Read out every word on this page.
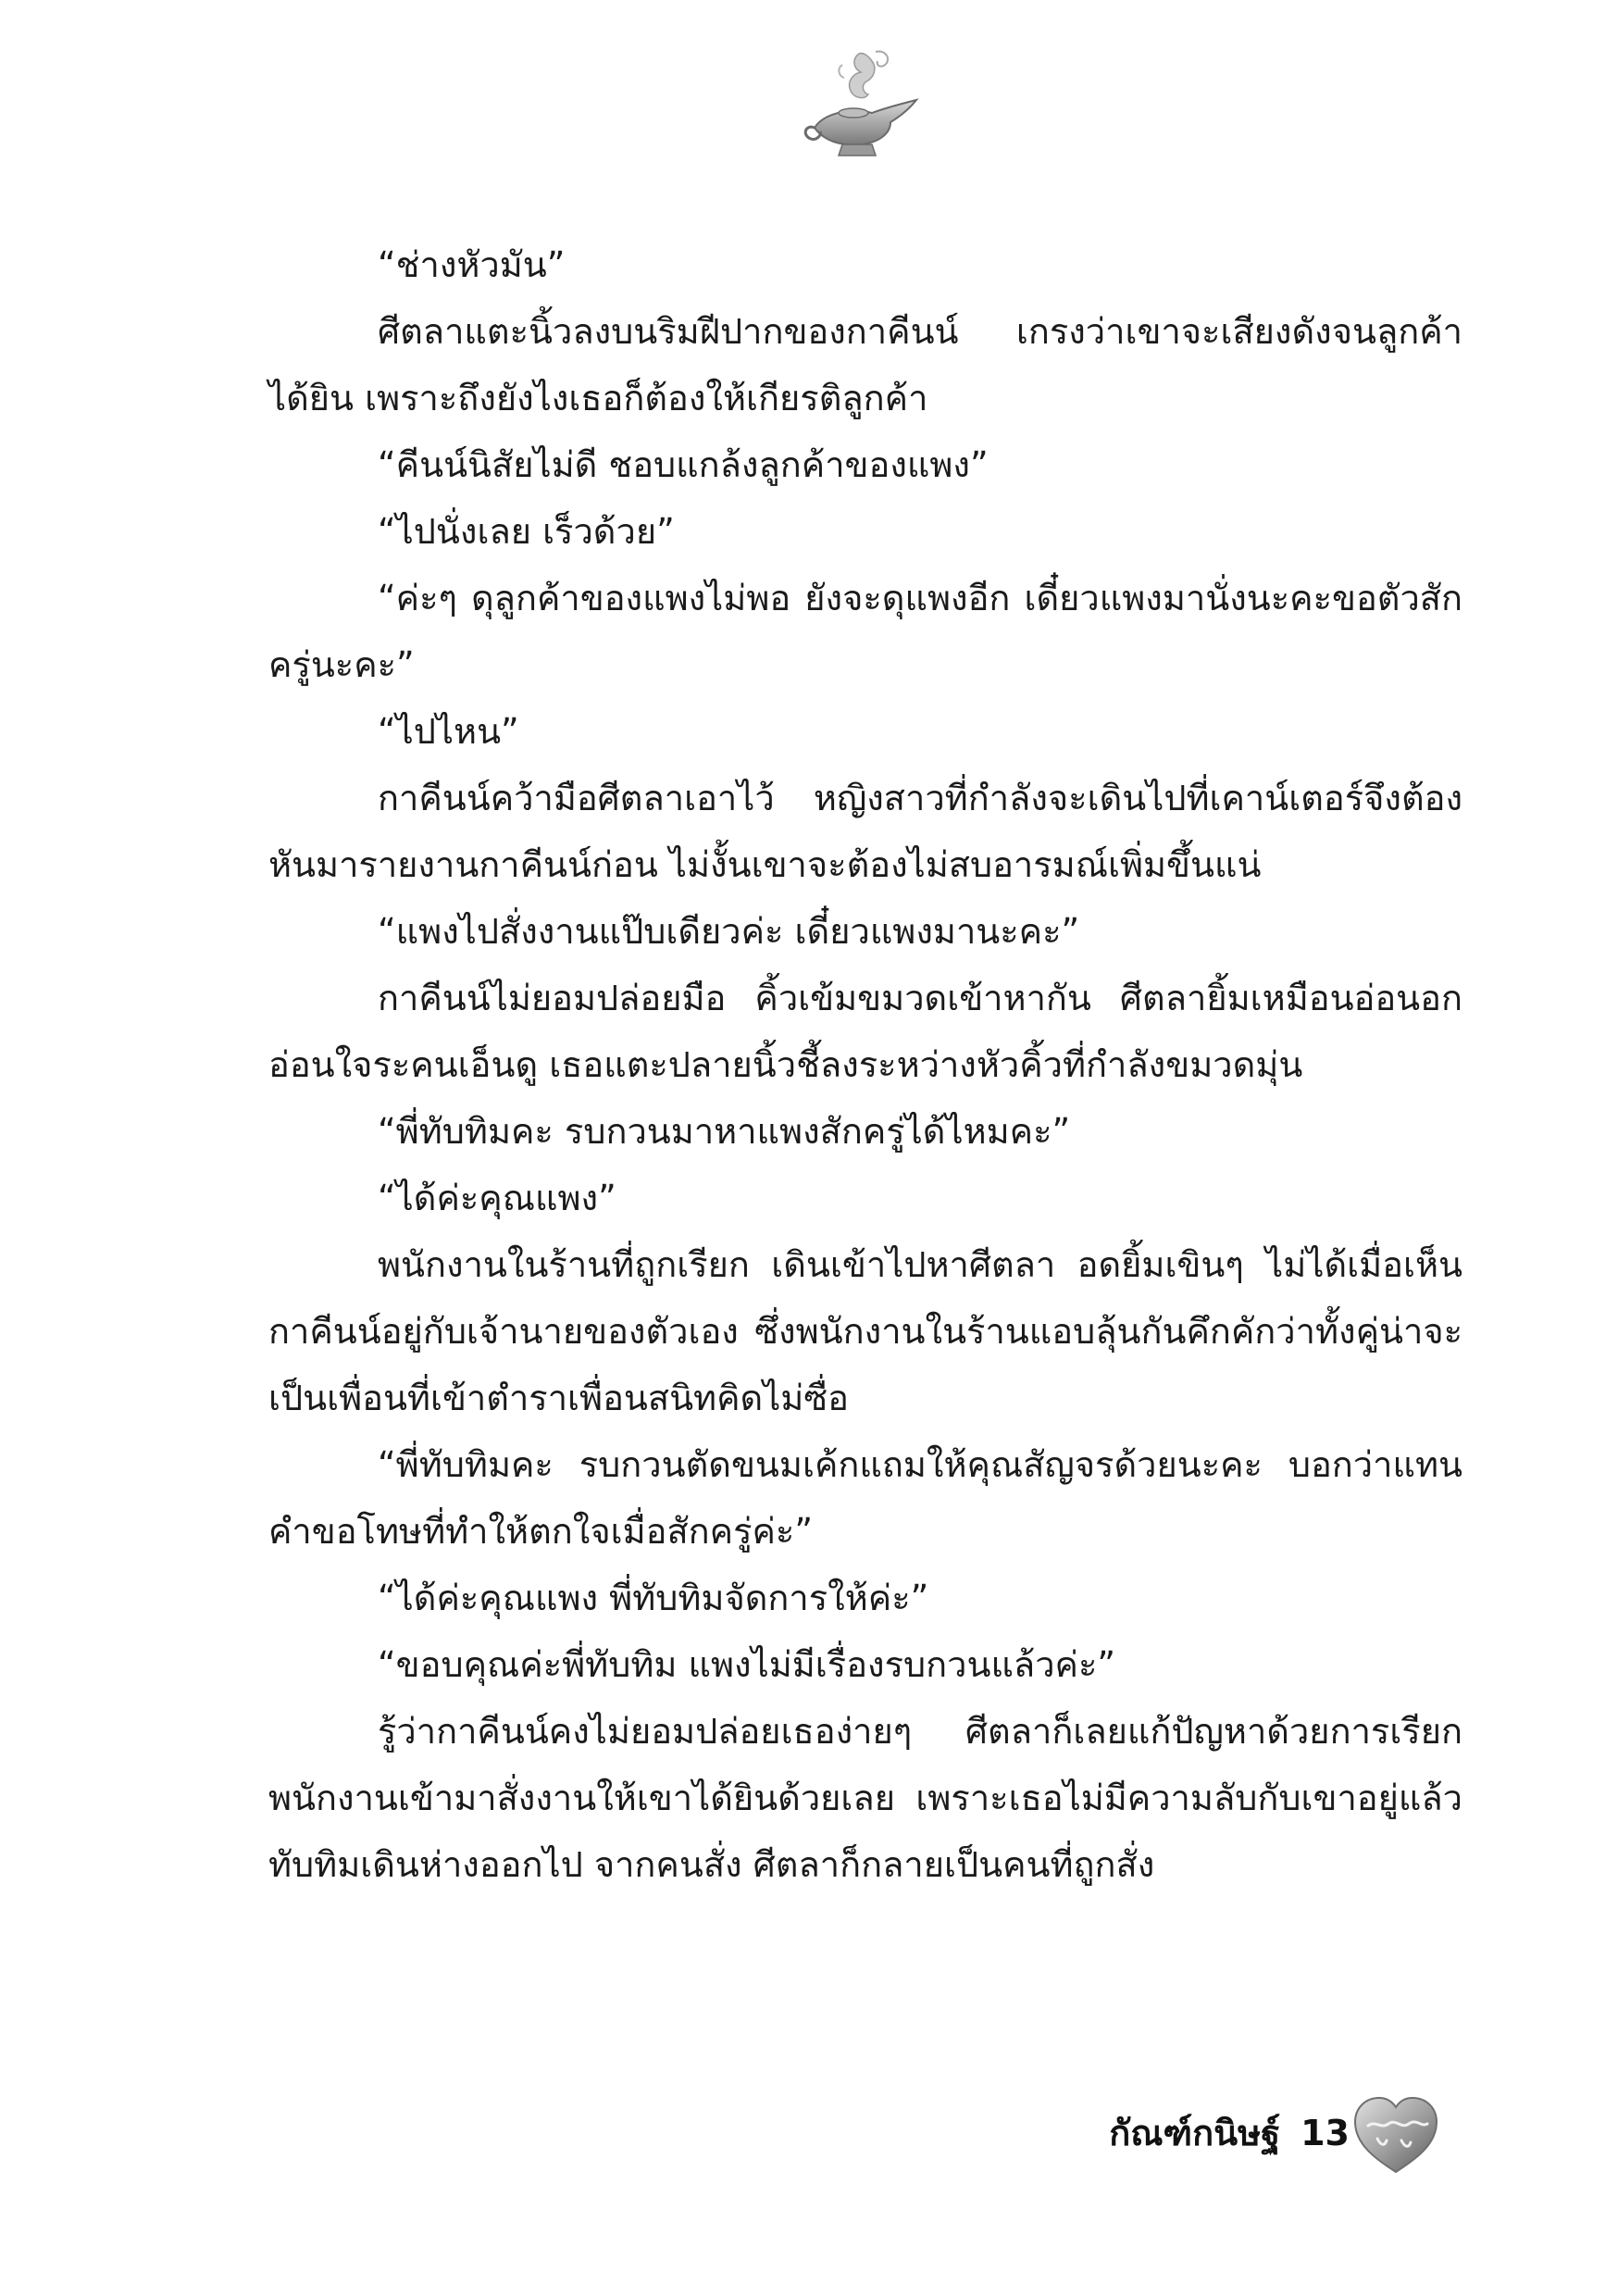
“ช่างหัวมัน”

ศีตลาแตะนิ้วลงบนริมฝีปากของกาคีนน์ เกรงว่าเขาจะเสียงดังจนลูกค้าได้ยิน เพราะถึงยังไงเธอก็ต้องให้เกียรติลูกค้า

“คีนน์นิสัยไม่ดี ชอบแกล้งลูกค้าของแพง”

“ไปนั่งเลย เร็วด้วย”

“ค่ะๆ ดุลูกค้าของแพงไม่พอ ยังจะดุแพงอีก เดี๋ยวแพงมานั่งนะคะขอตัวสักครู่นะคะ”

“ไปไหน”

กาคีนน์คว้ามือศีตลาเอาไว้ หญิงสาวที่กำลังจะเดินไปที่เคาน์เตอร์จึงต้องหันมารายงานกาคีนน์ก่อน ไม่งั้นเขาจะต้องไม่สบอารมณ์เพิ่มขึ้นแน่

“แพงไปสั่งงานแป๊บเดียวค่ะ เดี๋ยวแพงมานะคะ”

กาคีนน์ไม่ยอมปล่อยมือ คิ้วเข้มขมวดเข้าหากัน ศีตลายิ้มเหมือนอ่อนอกอ่อนใจระคนเอ็นดู เธอแตะปลายนิ้วชี้ลงระหว่างหัวคิ้วที่กำลังขมวดมุ่น

“พี่ทับทิมคะ รบกวนมาหาแพงสักครู่ได้ไหมคะ”

“ได้ค่ะคุณแพง”

พนักงานในร้านที่ถูกเรียก เดินเข้าไปหาศีตลา อดยิ้มเขินๆ ไม่ได้เมื่อเห็นกาคีนน์อยู่กับเจ้านายของตัวเอง ซึ่งพนักงานในร้านแอบลุ้นกันคึกคักว่าทั้งคู่น่าจะเป็นเพื่อนที่เข้าตำราเพื่อนสนิทคิดไม่ซื่อ

“พี่ทับทิมคะ รบกวนตัดขนมเค้กแถมให้คุณสัญจรด้วยนะคะ บอกว่าแทนคำขอโทษที่ทำให้ตกใจเมื่อสักครู่ค่ะ”

“ได้ค่ะคุณแพง พี่ทับทิมจัดการให้ค่ะ”

“ขอบคุณค่ะพี่ทับทิม แพงไม่มีเรื่องรบกวนแล้วค่ะ”

รู้ว่ากาคีนน์คงไม่ยอมปล่อยเธอง่ายๆ ศีตลาก็เลยแก้ปัญหาด้วยการเรียกพนักงานเข้ามาสั่งงานให้เขาได้ยินด้วยเลย เพราะเธอไม่มีความลับกับเขาอยู่แล้ว ทับทิมเดินห่างออกไป จากคนสั่ง ศีตลาก็กลายเป็นคนที่ถูกสั่ง

กัณฑ์กนิษฐ์ 13
